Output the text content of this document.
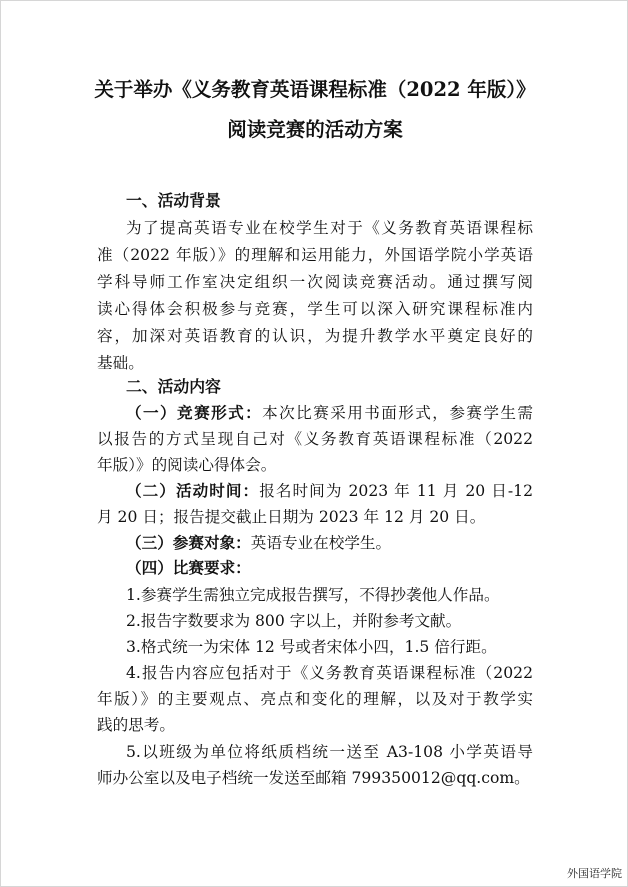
关于举办《义务教育英语课程标准（2022 年版）》
阅读竞赛的活动方案
一、活动背景
为了提高英语专业在校学生对于《义务教育英语课程标
准（2022 年版）》的理解和运用能力，外国语学院小学英语
学科导师工作室决定组织一次阅读竞赛活动。通过撰写阅
读心得体会积极参与竞赛，学生可以深入研究课程标准内
容，加深对英语教育的认识，为提升教学水平奠定良好的
基础。
二、活动内容
（一）竞赛形式：本次比赛采用书面形式，参赛学生需
以报告的方式呈现自己对《义务教育英语课程标准（2022
年版）》的阅读心得体会。
（二）活动时间：报名时间为 2023 年 11 月 20 日-12
月 20 日；报告提交截止日期为 2023 年 12 月 20 日。
（三）参赛对象：英语专业在校学生。
（四）比赛要求：
1.参赛学生需独立完成报告撰写，不得抄袭他人作品。
2.报告字数要求为 800 字以上，并附参考文献。
3.格式统一为宋体 12 号或者宋体小四，1.5 倍行距。
4.报告内容应包括对于《义务教育英语课程标准（2022
年版）》的主要观点、亮点和变化的理解，以及对于教学实
践的思考。
5.以班级为单位将纸质档统一送至 A3-108 小学英语导
师办公室以及电子档统一发送至邮箱 799350012@qq.com。
外国语学院
